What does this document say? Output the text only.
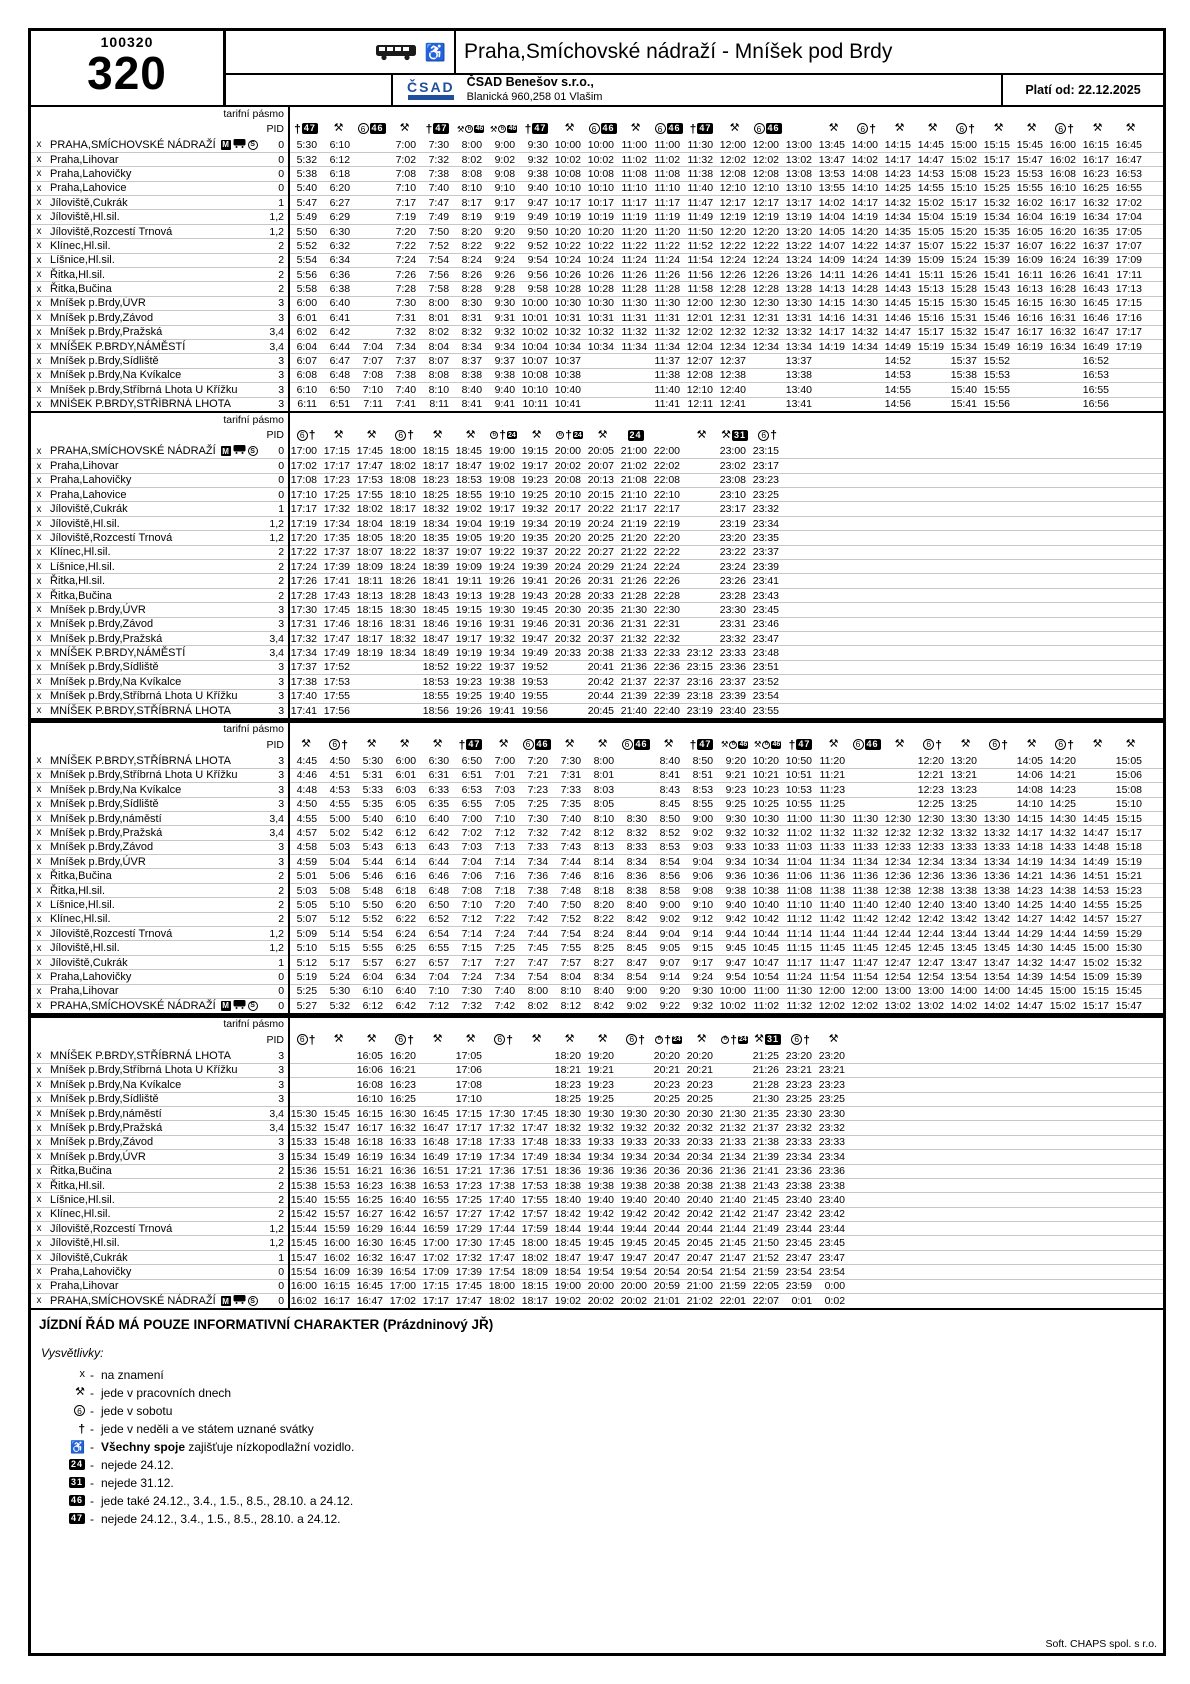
100320
320	♿ Praha,Smíchovské nádraží - Mníšek pod Brdy
ČSAD ČSAD Benešov s.r.o.,
Blanická 960,258 01 Vlašim	Platí od: 22.12.2025
tarifní pásmo																													
PID			† 47	⚒	6 46	⚒	† 47	⚒ 6 46	⚒ 6 46	† 47	⚒	6 46	⚒	6 46	† 47	⚒	6 46		⚒	6 †	⚒	⚒	6 †	⚒	⚒	6 †	⚒	⚒	

x	PRAHA,SMÍCHOVSKÉ NÁDRAŽÍ M S	0	5:30	6:10		7:00	7:30	8:00	9:00	9:30	10:00	10:00	11:00	11:00	11:30	12:00	12:00	13:00	13:45	14:00	14:15	14:45	15:00	15:15	15:45	16:00	16:15	16:45	
x	Praha,Lihovar	0	5:32	6:12		7:02	7:32	8:02	9:02	9:32	10:02	10:02	11:02	11:02	11:32	12:02	12:02	13:02	13:47	14:02	14:17	14:47	15:02	15:17	15:47	16:02	16:17	16:47	
x	Praha,Lahovičky	0	5:38	6:18		7:08	7:38	8:08	9:08	9:38	10:08	10:08	11:08	11:08	11:38	12:08	12:08	13:08	13:53	14:08	14:23	14:53	15:08	15:23	15:53	16:08	16:23	16:53	
x	Praha,Lahovice	0	5:40	6:20		7:10	7:40	8:10	9:10	9:40	10:10	10:10	11:10	11:10	11:40	12:10	12:10	13:10	13:55	14:10	14:25	14:55	15:10	15:25	15:55	16:10	16:25	16:55	
x	Jíloviště,Cukrák	1	5:47	6:27		7:17	7:47	8:17	9:17	9:47	10:17	10:17	11:17	11:17	11:47	12:17	12:17	13:17	14:02	14:17	14:32	15:02	15:17	15:32	16:02	16:17	16:32	17:02	
x	Jíloviště,Hl.sil.	1,2	5:49	6:29		7:19	7:49	8:19	9:19	9:49	10:19	10:19	11:19	11:19	11:49	12:19	12:19	13:19	14:04	14:19	14:34	15:04	15:19	15:34	16:04	16:19	16:34	17:04	
x	Jíloviště,Rozcestí Trnová	1,2	5:50	6:30		7:20	7:50	8:20	9:20	9:50	10:20	10:20	11:20	11:20	11:50	12:20	12:20	13:20	14:05	14:20	14:35	15:05	15:20	15:35	16:05	16:20	16:35	17:05	
x	Klínec,Hl.sil.	2	5:52	6:32		7:22	7:52	8:22	9:22	9:52	10:22	10:22	11:22	11:22	11:52	12:22	12:22	13:22	14:07	14:22	14:37	15:07	15:22	15:37	16:07	16:22	16:37	17:07	
x	Líšnice,Hl.sil.	2	5:54	6:34		7:24	7:54	8:24	9:24	9:54	10:24	10:24	11:24	11:24	11:54	12:24	12:24	13:24	14:09	14:24	14:39	15:09	15:24	15:39	16:09	16:24	16:39	17:09	
x	Řitka,Hl.sil.	2	5:56	6:36		7:26	7:56	8:26	9:26	9:56	10:26	10:26	11:26	11:26	11:56	12:26	12:26	13:26	14:11	14:26	14:41	15:11	15:26	15:41	16:11	16:26	16:41	17:11	
x	Řitka,Bučina	2	5:58	6:38		7:28	7:58	8:28	9:28	9:58	10:28	10:28	11:28	11:28	11:58	12:28	12:28	13:28	14:13	14:28	14:43	15:13	15:28	15:43	16:13	16:28	16:43	17:13	
x	Mníšek p.Brdy,ÚVR	3	6:00	6:40		7:30	8:00	8:30	9:30	10:00	10:30	10:30	11:30	11:30	12:00	12:30	12:30	13:30	14:15	14:30	14:45	15:15	15:30	15:45	16:15	16:30	16:45	17:15	
x	Mníšek p.Brdy,Závod	3	6:01	6:41		7:31	8:01	8:31	9:31	10:01	10:31	10:31	11:31	11:31	12:01	12:31	12:31	13:31	14:16	14:31	14:46	15:16	15:31	15:46	16:16	16:31	16:46	17:16	
x	Mníšek p.Brdy,Pražská	3,4	6:02	6:42		7:32	8:02	8:32	9:32	10:02	10:32	10:32	11:32	11:32	12:02	12:32	12:32	13:32	14:17	14:32	14:47	15:17	15:32	15:47	16:17	16:32	16:47	17:17	
x	MNÍŠEK P.BRDY,NÁMĚSTÍ	3,4	6:04	6:44	7:04	7:34	8:04	8:34	9:34	10:04	10:34	10:34	11:34	11:34	12:04	12:34	12:34	13:34	14:19	14:34	14:49	15:19	15:34	15:49	16:19	16:34	16:49	17:19	
x	Mníšek p.Brdy,Sídliště	3	6:07	6:47	7:07	7:37	8:07	8:37	9:37	10:07	10:37			11:37	12:07	12:37		13:37			14:52		15:37	15:52			16:52		
x	Mníšek p.Brdy,Na Kvíkalce	3	6:08	6:48	7:08	7:38	8:08	8:38	9:38	10:08	10:38			11:38	12:08	12:38		13:38			14:53		15:38	15:53			16:53		
x	Mníšek p.Brdy,Stříbrná Lhota U Křížku	3	6:10	6:50	7:10	7:40	8:10	8:40	9:40	10:10	10:40			11:40	12:10	12:40		13:40			14:55		15:40	15:55			16:55		
x	MNÍŠEK P.BRDY,STŘÍBRNÁ LHOTA	3	6:11	6:51	7:11	7:41	8:11	8:41	9:41	10:11	10:41			11:41	12:11	12:41		13:41			14:56		15:41	15:56			16:56		
tarifní pásmo																		
PID			6 †	⚒	⚒	6 †	⚒	⚒	6 † 24	⚒	6 † 24	⚒	24		⚒	⚒ 31	6 †	

x	PRAHA,SMÍCHOVSKÉ NÁDRAŽÍ M S	0	17:00	17:15	17:45	18:00	18:15	18:45	19:00	19:15	20:00	20:05	21:00	22:00		23:00	23:15	
x	Praha,Lihovar	0	17:02	17:17	17:47	18:02	18:17	18:47	19:02	19:17	20:02	20:07	21:02	22:02		23:02	23:17	
x	Praha,Lahovičky	0	17:08	17:23	17:53	18:08	18:23	18:53	19:08	19:23	20:08	20:13	21:08	22:08		23:08	23:23	
x	Praha,Lahovice	0	17:10	17:25	17:55	18:10	18:25	18:55	19:10	19:25	20:10	20:15	21:10	22:10		23:10	23:25	
x	Jíloviště,Cukrák	1	17:17	17:32	18:02	18:17	18:32	19:02	19:17	19:32	20:17	20:22	21:17	22:17		23:17	23:32	
x	Jíloviště,Hl.sil.	1,2	17:19	17:34	18:04	18:19	18:34	19:04	19:19	19:34	20:19	20:24	21:19	22:19		23:19	23:34	
x	Jíloviště,Rozcestí Trnová	1,2	17:20	17:35	18:05	18:20	18:35	19:05	19:20	19:35	20:20	20:25	21:20	22:20		23:20	23:35	
x	Klínec,Hl.sil.	2	17:22	17:37	18:07	18:22	18:37	19:07	19:22	19:37	20:22	20:27	21:22	22:22		23:22	23:37	
x	Líšnice,Hl.sil.	2	17:24	17:39	18:09	18:24	18:39	19:09	19:24	19:39	20:24	20:29	21:24	22:24		23:24	23:39	
x	Řitka,Hl.sil.	2	17:26	17:41	18:11	18:26	18:41	19:11	19:26	19:41	20:26	20:31	21:26	22:26		23:26	23:41	
x	Řitka,Bučina	2	17:28	17:43	18:13	18:28	18:43	19:13	19:28	19:43	20:28	20:33	21:28	22:28		23:28	23:43	
x	Mníšek p.Brdy,ÚVR	3	17:30	17:45	18:15	18:30	18:45	19:15	19:30	19:45	20:30	20:35	21:30	22:30		23:30	23:45	
x	Mníšek p.Brdy,Závod	3	17:31	17:46	18:16	18:31	18:46	19:16	19:31	19:46	20:31	20:36	21:31	22:31		23:31	23:46	
x	Mníšek p.Brdy,Pražská	3,4	17:32	17:47	18:17	18:32	18:47	19:17	19:32	19:47	20:32	20:37	21:32	22:32		23:32	23:47	
x	MNÍŠEK P.BRDY,NÁMĚSTÍ	3,4	17:34	17:49	18:19	18:34	18:49	19:19	19:34	19:49	20:33	20:38	21:33	22:33	23:12	23:33	23:48	
x	Mníšek p.Brdy,Sídliště	3	17:37	17:52			18:52	19:22	19:37	19:52		20:41	21:36	22:36	23:15	23:36	23:51	
x	Mníšek p.Brdy,Na Kvíkalce	3	17:38	17:53			18:53	19:23	19:38	19:53		20:42	21:37	22:37	23:16	23:37	23:52	
x	Mníšek p.Brdy,Stříbrná Lhota U Křížku	3	17:40	17:55			18:55	19:25	19:40	19:55		20:44	21:39	22:39	23:18	23:39	23:54	
x	MNÍŠEK P.BRDY,STŘÍBRNÁ LHOTA	3	17:41	17:56			18:56	19:26	19:41	19:56		20:45	21:40	22:40	23:19	23:40	23:55	
tarifní pásmo																													
PID			⚒	6 †	⚒	⚒	⚒	† 47	⚒	6 46	⚒	⚒	6 46	⚒	† 47	⚒ 6 46	⚒ 6 46	† 47	⚒	6 46	⚒	6 †	⚒	6 †	⚒	6 †	⚒	⚒	

x	MNÍŠEK P.BRDY,STŘÍBRNÁ LHOTA	3	4:45	4:50	5:30	6:00	6:30	6:50	7:00	7:20	7:30	8:00		8:40	8:50	9:20	10:20	10:50	11:20			12:20	13:20		14:05	14:20		15:05	
x	Mníšek p.Brdy,Stříbrná Lhota U Křížku	3	4:46	4:51	5:31	6:01	6:31	6:51	7:01	7:21	7:31	8:01		8:41	8:51	9:21	10:21	10:51	11:21			12:21	13:21		14:06	14:21		15:06	
x	Mníšek p.Brdy,Na Kvíkalce	3	4:48	4:53	5:33	6:03	6:33	6:53	7:03	7:23	7:33	8:03		8:43	8:53	9:23	10:23	10:53	11:23			12:23	13:23		14:08	14:23		15:08	
x	Mníšek p.Brdy,Sídliště	3	4:50	4:55	5:35	6:05	6:35	6:55	7:05	7:25	7:35	8:05		8:45	8:55	9:25	10:25	10:55	11:25			12:25	13:25		14:10	14:25		15:10	
x	Mníšek p.Brdy,náměstí	3,4	4:55	5:00	5:40	6:10	6:40	7:00	7:10	7:30	7:40	8:10	8:30	8:50	9:00	9:30	10:30	11:00	11:30	11:30	12:30	12:30	13:30	13:30	14:15	14:30	14:45	15:15	
x	Mníšek p.Brdy,Pražská	3,4	4:57	5:02	5:42	6:12	6:42	7:02	7:12	7:32	7:42	8:12	8:32	8:52	9:02	9:32	10:32	11:02	11:32	11:32	12:32	12:32	13:32	13:32	14:17	14:32	14:47	15:17	
x	Mníšek p.Brdy,Závod	3	4:58	5:03	5:43	6:13	6:43	7:03	7:13	7:33	7:43	8:13	8:33	8:53	9:03	9:33	10:33	11:03	11:33	11:33	12:33	12:33	13:33	13:33	14:18	14:33	14:48	15:18	
x	Mníšek p.Brdy,ÚVR	3	4:59	5:04	5:44	6:14	6:44	7:04	7:14	7:34	7:44	8:14	8:34	8:54	9:04	9:34	10:34	11:04	11:34	11:34	12:34	12:34	13:34	13:34	14:19	14:34	14:49	15:19	
x	Řitka,Bučina	2	5:01	5:06	5:46	6:16	6:46	7:06	7:16	7:36	7:46	8:16	8:36	8:56	9:06	9:36	10:36	11:06	11:36	11:36	12:36	12:36	13:36	13:36	14:21	14:36	14:51	15:21	
x	Řitka,Hl.sil.	2	5:03	5:08	5:48	6:18	6:48	7:08	7:18	7:38	7:48	8:18	8:38	8:58	9:08	9:38	10:38	11:08	11:38	11:38	12:38	12:38	13:38	13:38	14:23	14:38	14:53	15:23	
x	Líšnice,Hl.sil.	2	5:05	5:10	5:50	6:20	6:50	7:10	7:20	7:40	7:50	8:20	8:40	9:00	9:10	9:40	10:40	11:10	11:40	11:40	12:40	12:40	13:40	13:40	14:25	14:40	14:55	15:25	
x	Klínec,Hl.sil.	2	5:07	5:12	5:52	6:22	6:52	7:12	7:22	7:42	7:52	8:22	8:42	9:02	9:12	9:42	10:42	11:12	11:42	11:42	12:42	12:42	13:42	13:42	14:27	14:42	14:57	15:27	
x	Jíloviště,Rozcestí Trnová	1,2	5:09	5:14	5:54	6:24	6:54	7:14	7:24	7:44	7:54	8:24	8:44	9:04	9:14	9:44	10:44	11:14	11:44	11:44	12:44	12:44	13:44	13:44	14:29	14:44	14:59	15:29	
x	Jíloviště,Hl.sil.	1,2	5:10	5:15	5:55	6:25	6:55	7:15	7:25	7:45	7:55	8:25	8:45	9:05	9:15	9:45	10:45	11:15	11:45	11:45	12:45	12:45	13:45	13:45	14:30	14:45	15:00	15:30	
x	Jíloviště,Cukrák	1	5:12	5:17	5:57	6:27	6:57	7:17	7:27	7:47	7:57	8:27	8:47	9:07	9:17	9:47	10:47	11:17	11:47	11:47	12:47	12:47	13:47	13:47	14:32	14:47	15:02	15:32	
x	Praha,Lahovičky	0	5:19	5:24	6:04	6:34	7:04	7:24	7:34	7:54	8:04	8:34	8:54	9:14	9:24	9:54	10:54	11:24	11:54	11:54	12:54	12:54	13:54	13:54	14:39	14:54	15:09	15:39	
x	Praha,Lihovar	0	5:25	5:30	6:10	6:40	7:10	7:30	7:40	8:00	8:10	8:40	9:00	9:20	9:30	10:00	11:00	11:30	12:00	12:00	13:00	13:00	14:00	14:00	14:45	15:00	15:15	15:45	
x	PRAHA,SMÍCHOVSKÉ NÁDRAŽÍ M S	0	5:27	5:32	6:12	6:42	7:12	7:32	7:42	8:02	8:12	8:42	9:02	9:22	9:32	10:02	11:02	11:32	12:02	12:02	13:02	13:02	14:02	14:02	14:47	15:02	15:17	15:47	
tarifní pásmo																				
PID			6 †	⚒	⚒	6 †	⚒	⚒	6 †	⚒	⚒	⚒	6 †	6 † 24	⚒	6 † 24	⚒ 31	6 †	⚒	

x	MNÍŠEK P.BRDY,STŘÍBRNÁ LHOTA	3			16:05	16:20		17:05			18:20	19:20		20:20	20:20		21:25	23:20	23:20	
x	Mníšek p.Brdy,Stříbrná Lhota U Křížku	3			16:06	16:21		17:06			18:21	19:21		20:21	20:21		21:26	23:21	23:21	
x	Mníšek p.Brdy,Na Kvíkalce	3			16:08	16:23		17:08			18:23	19:23		20:23	20:23		21:28	23:23	23:23	
x	Mníšek p.Brdy,Sídliště	3			16:10	16:25		17:10			18:25	19:25		20:25	20:25		21:30	23:25	23:25	
x	Mníšek p.Brdy,náměstí	3,4	15:30	15:45	16:15	16:30	16:45	17:15	17:30	17:45	18:30	19:30	19:30	20:30	20:30	21:30	21:35	23:30	23:30	
x	Mníšek p.Brdy,Pražská	3,4	15:32	15:47	16:17	16:32	16:47	17:17	17:32	17:47	18:32	19:32	19:32	20:32	20:32	21:32	21:37	23:32	23:32	
x	Mníšek p.Brdy,Závod	3	15:33	15:48	16:18	16:33	16:48	17:18	17:33	17:48	18:33	19:33	19:33	20:33	20:33	21:33	21:38	23:33	23:33	
x	Mníšek p.Brdy,ÚVR	3	15:34	15:49	16:19	16:34	16:49	17:19	17:34	17:49	18:34	19:34	19:34	20:34	20:34	21:34	21:39	23:34	23:34	
x	Řitka,Bučina	2	15:36	15:51	16:21	16:36	16:51	17:21	17:36	17:51	18:36	19:36	19:36	20:36	20:36	21:36	21:41	23:36	23:36	
x	Řitka,Hl.sil.	2	15:38	15:53	16:23	16:38	16:53	17:23	17:38	17:53	18:38	19:38	19:38	20:38	20:38	21:38	21:43	23:38	23:38	
x	Líšnice,Hl.sil.	2	15:40	15:55	16:25	16:40	16:55	17:25	17:40	17:55	18:40	19:40	19:40	20:40	20:40	21:40	21:45	23:40	23:40	
x	Klínec,Hl.sil.	2	15:42	15:57	16:27	16:42	16:57	17:27	17:42	17:57	18:42	19:42	19:42	20:42	20:42	21:42	21:47	23:42	23:42	
x	Jíloviště,Rozcestí Trnová	1,2	15:44	15:59	16:29	16:44	16:59	17:29	17:44	17:59	18:44	19:44	19:44	20:44	20:44	21:44	21:49	23:44	23:44	
x	Jíloviště,Hl.sil.	1,2	15:45	16:00	16:30	16:45	17:00	17:30	17:45	18:00	18:45	19:45	19:45	20:45	20:45	21:45	21:50	23:45	23:45	
x	Jíloviště,Cukrák	1	15:47	16:02	16:32	16:47	17:02	17:32	17:47	18:02	18:47	19:47	19:47	20:47	20:47	21:47	21:52	23:47	23:47	
x	Praha,Lahovičky	0	15:54	16:09	16:39	16:54	17:09	17:39	17:54	18:09	18:54	19:54	19:54	20:54	20:54	21:54	21:59	23:54	23:54	
x	Praha,Lihovar	0	16:00	16:15	16:45	17:00	17:15	17:45	18:00	18:15	19:00	20:00	20:00	20:59	21:00	21:59	22:05	23:59	0:00	
x	PRAHA,SMÍCHOVSKÉ NÁDRAŽÍ M S	0	16:02	16:17	16:47	17:02	17:17	17:47	18:02	18:17	19:02	20:02	20:02	21:01	21:02	22:01	22:07	0:01	0:02	
JÍZDNÍ ŘÁD MÁ POUZE INFORMATIVNÍ CHARAKTER (Prázdninový JŘ)
Vysvětlivky:
x - na znamení
⚒ - jede v pracovních dnech
6 - jede v sobotu
† - jede v neděli a ve státem uznané svátky
♿ - Všechny spoje zajišťuje nízkopodlažní vozidlo.
24 - nejede 24.12.
31 - nejede 31.12.
46 - jede také 24.12., 3.4., 1.5., 8.5., 28.10. a 24.12.
47 - nejede 24.12., 3.4., 1.5., 8.5., 28.10. a 24.12.
Soft. CHAPS spol. s r.o.
